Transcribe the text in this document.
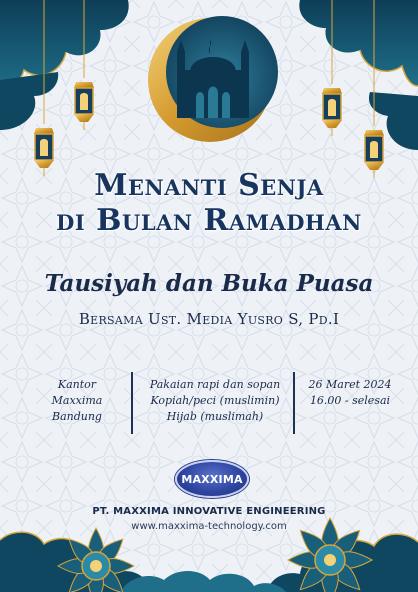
Menanti Senja
di Bulan Ramadhan
Tausiyah dan Buka Puasa
Bersama Ust. Media Yusro S, Pd.I
Kantor
Maxxima
Bandung
Pakaian rapi dan sopan
Kopiah/peci (muslimin)
Hijab (muslimah)
26 Maret 2024
16.00 - selesai
MAXXIMA
PT. MAXXIMA INNOVATIVE ENGINEERING
www.maxxima-technology.com
